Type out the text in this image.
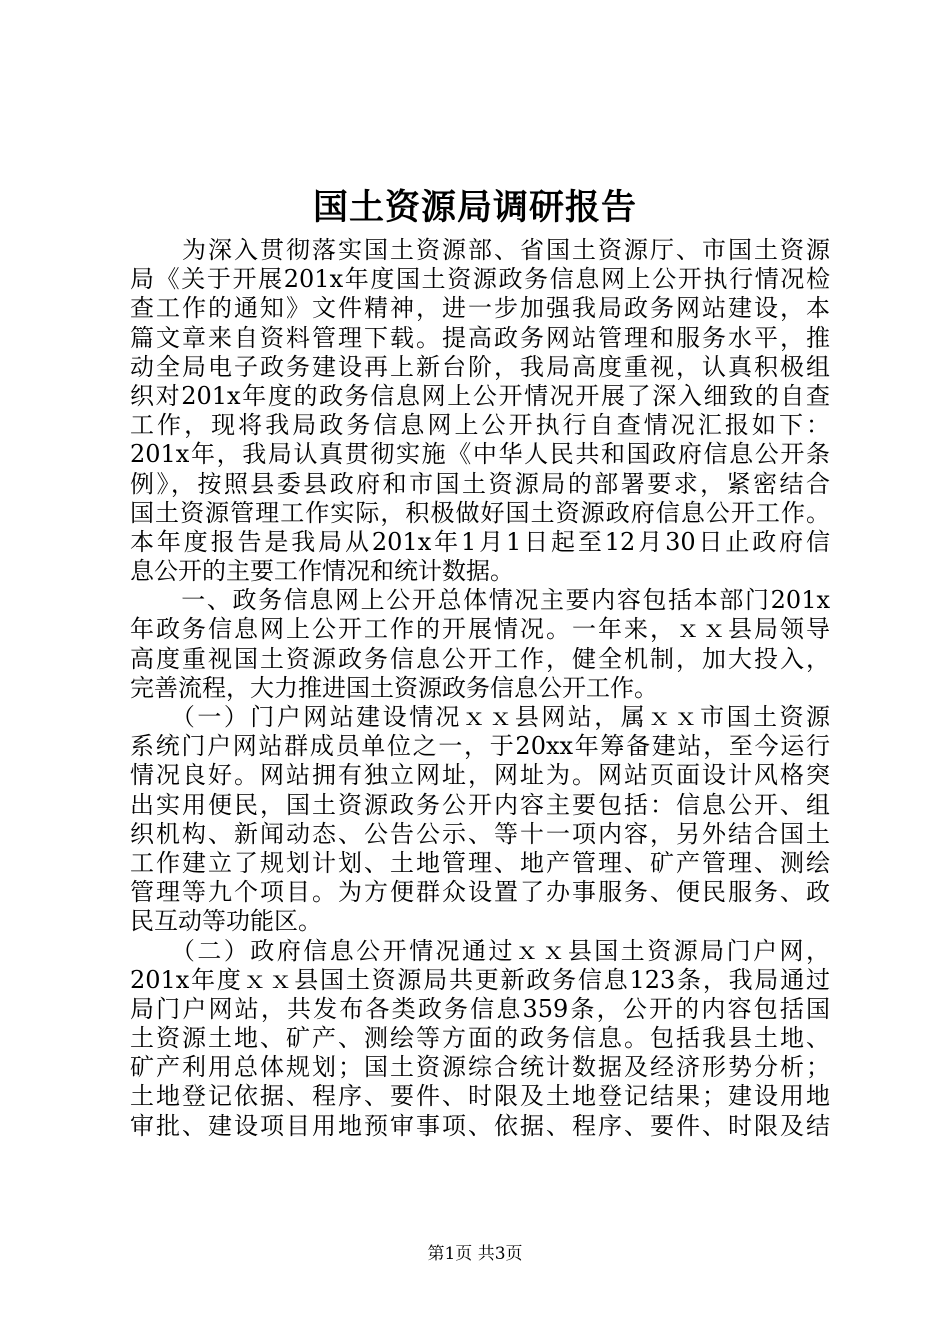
国土资源局调研报告
　　为深入贯彻落实国土资源部、省国土资源厅、市国土资源
局《关于开展201x年度国土资源政务信息网上公开执行情况检
查工作的通知》文件精神，进一步加强我局政务网站建设，本
篇文章来自资料管理下载。提高政务网站管理和服务水平，推
动全局电子政务建设再上新台阶，我局高度重视，认真积极组
织对201x年度的政务信息网上公开情况开展了深入细致的自查
工作，现将我局政务信息网上公开执行自查情况汇报如下：
201x年，我局认真贯彻实施《中华人民共和国政府信息公开条
例》，按照县委县政府和市国土资源局的部署要求，紧密结合
国土资源管理工作实际，积极做好国土资源政府信息公开工作。
本年度报告是我局从201x年1月1日起至12月30日止政府信
息公开的主要工作情况和统计数据。
　　一、政务信息网上公开总体情况主要内容包括本部门201x
年政务信息网上公开工作的开展情况。一年来，ｘｘ县局领导
高度重视国土资源政务信息公开工作，健全机制，加大投入，
完善流程，大力推进国土资源政务信息公开工作。
　　（一）门户网站建设情况ｘｘ县网站，属ｘｘ市国土资源
系统门户网站群成员单位之一，于20xx年筹备建站，至今运行
情况良好。网站拥有独立网址，网址为。网站页面设计风格突
出实用便民，国土资源政务公开内容主要包括：信息公开、组
织机构、新闻动态、公告公示、等十一项内容，另外结合国土
工作建立了规划计划、土地管理、地产管理、矿产管理、测绘
管理等九个项目。为方便群众设置了办事服务、便民服务、政
民互动等功能区。
　　（二）政府信息公开情况通过ｘｘ县国土资源局门户网，
201x年度ｘｘ县国土资源局共更新政务信息123条，我局通过
局门户网站，共发布各类政务信息359条，公开的内容包括国
土资源土地、矿产、测绘等方面的政务信息。包括我县土地、
矿产利用总体规划；国土资源综合统计数据及经济形势分析；
土地登记依据、程序、要件、时限及土地登记结果；建设用地
审批、建设项目用地预审事项、依据、程序、要件、时限及结
第1页 共3页
